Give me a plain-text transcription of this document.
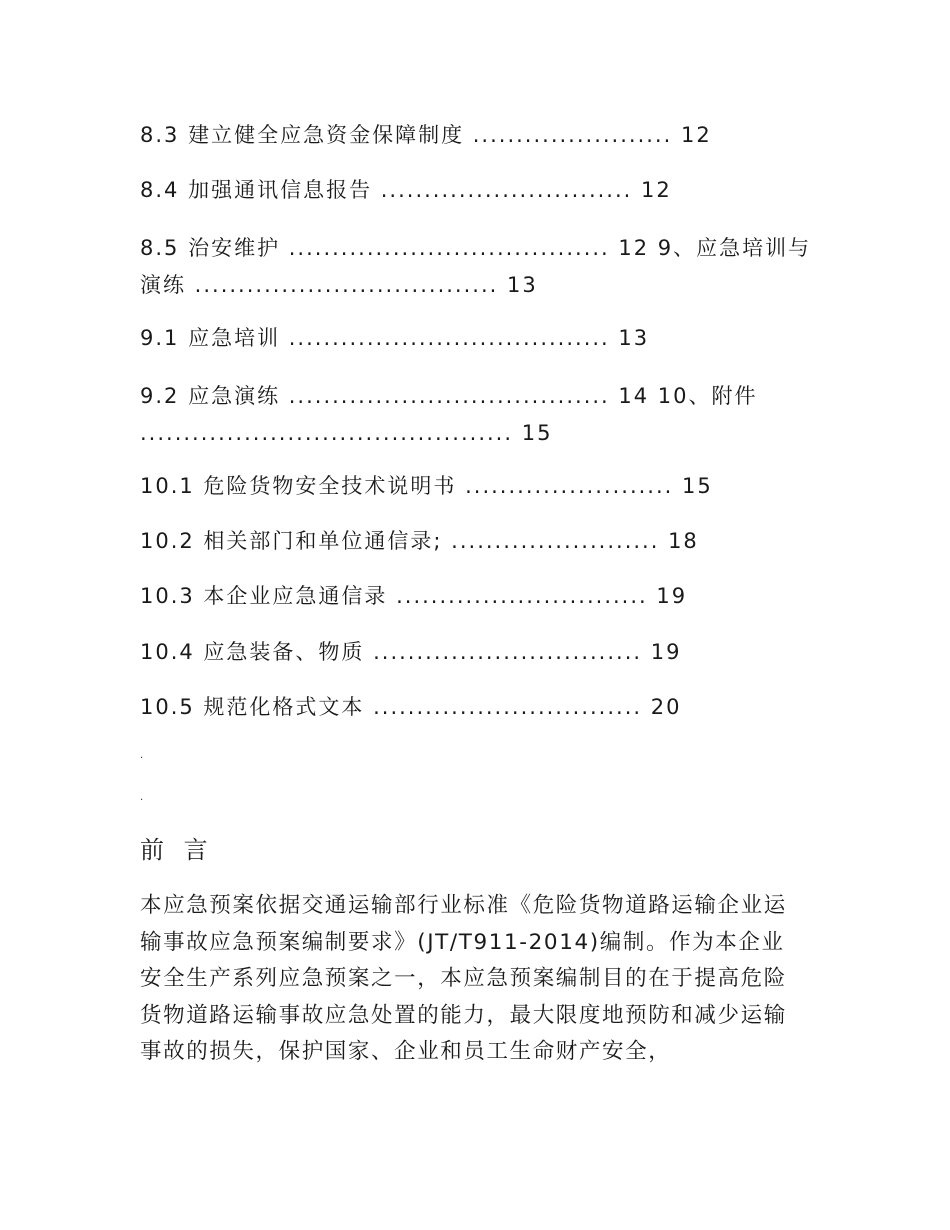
8.3 建立健全应急资金保障制度 ....................... 12
8.4 加强通讯信息报告 ............................. 12
8.5 治安维护 ..................................... 12 9、应急培训与演练 ................................... 13
9.1 应急培训 ..................................... 13
9.2 应急演练 ..................................... 14 10、附件 ........................................... 15
10.1 危险货物安全技术说明书 ........................ 15
10.2 相关部门和单位通信录; ........................ 18
10.3 本企业应急通信录 ............................. 19
10.4 应急装备、物质 ............................... 19
10.5 规范化格式文本 ............................... 20
.
.
前 言
本应急预案依据交通运输部行业标准《危险货物道路运输企业运输事故应急预案编制要求》(JT/T911-2014)编制。作为本企业安全生产系列应急预案之一，本应急预案编制目的在于提高危险货物道路运输事故应急处置的能力，最大限度地预防和减少运输事故的损失，保护国家、企业和员工生命财产安全，
